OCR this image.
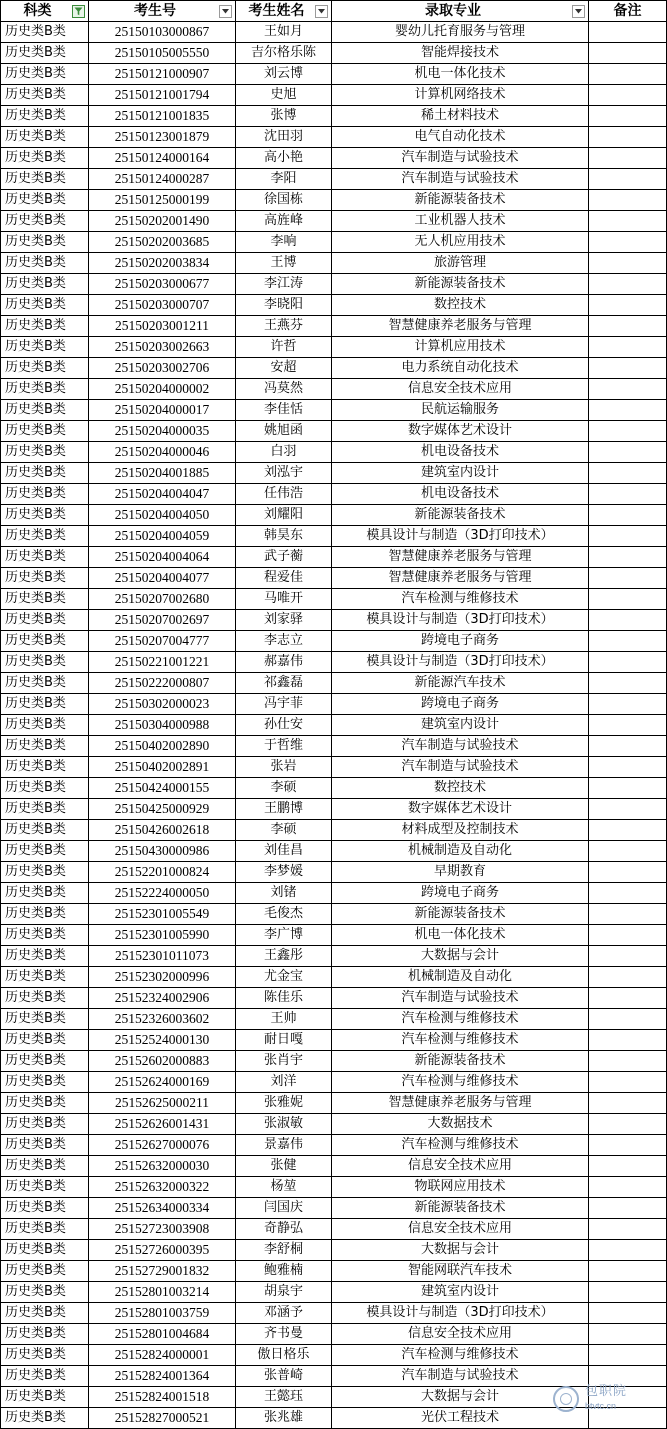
科类	考生号	考生姓名	录取专业	备注
历史类B类	25150103000867	王如月	婴幼儿托育服务与管理	
历史类B类	25150105005550	吉尔格乐陈	智能焊接技术	
历史类B类	25150121000907	刘云博	机电一体化技术	
历史类B类	25150121001794	史旭	计算机网络技术	
历史类B类	25150121001835	张博	稀土材料技术	
历史类B类	25150123001879	沈田羽	电气自动化技术	
历史类B类	25150124000164	高小艳	汽车制造与试验技术	
历史类B类	25150124000287	李阳	汽车制造与试验技术	
历史类B类	25150125000199	徐国栋	新能源装备技术	
历史类B类	25150202001490	高旌峰	工业机器人技术	
历史类B类	25150202003685	李响	无人机应用技术	
历史类B类	25150202003834	王博	旅游管理	
历史类B类	25150203000677	李江涛	新能源装备技术	
历史类B类	25150203000707	李晓阳	数控技术	
历史类B类	25150203001211	王燕芬	智慧健康养老服务与管理	
历史类B类	25150203002663	许哲	计算机应用技术	
历史类B类	25150203002706	安超	电力系统自动化技术	
历史类B类	25150204000002	冯莫然	信息安全技术应用	
历史类B类	25150204000017	李佳恬	民航运输服务	
历史类B类	25150204000035	姚旭函	数字媒体艺术设计	
历史类B类	25150204000046	白羽	机电设备技术	
历史类B类	25150204001885	刘泓宇	建筑室内设计	
历史类B类	25150204004047	任伟浩	机电设备技术	
历史类B类	25150204004050	刘耀阳	新能源装备技术	
历史类B类	25150204004059	韩昊东	模具设计与制造（3D打印技术）	
历史类B类	25150204004064	武子蘅	智慧健康养老服务与管理	
历史类B类	25150204004077	程爱佳	智慧健康养老服务与管理	
历史类B类	25150207002680	马唯开	汽车检测与维修技术	
历史类B类	25150207002697	刘家驿	模具设计与制造（3D打印技术）	
历史类B类	25150207004777	李志立	跨境电子商务	
历史类B类	25150221001221	郝嘉伟	模具设计与制造（3D打印技术）	
历史类B类	25150222000807	祁鑫磊	新能源汽车技术	
历史类B类	25150302000023	冯宇菲	跨境电子商务	
历史类B类	25150304000988	孙仕安	建筑室内设计	
历史类B类	25150402002890	于哲维	汽车制造与试验技术	
历史类B类	25150402002891	张岩	汽车制造与试验技术	
历史类B类	25150424000155	李硕	数控技术	
历史类B类	25150425000929	王鹏博	数字媒体艺术设计	
历史类B类	25150426002618	李硕	材料成型及控制技术	
历史类B类	25150430000986	刘佳昌	机械制造及自动化	
历史类B类	25152201000824	李梦媛	早期教育	
历史类B类	25152224000050	刘锗	跨境电子商务	
历史类B类	25152301005549	毛俊杰	新能源装备技术	
历史类B类	25152301005990	李广博	机电一体化技术	
历史类B类	25152301011073	王鑫彤	大数据与会计	
历史类B类	25152302000996	尤金宝	机械制造及自动化	
历史类B类	25152324002906	陈佳乐	汽车制造与试验技术	
历史类B类	25152326003602	王帅	汽车检测与维修技术	
历史类B类	25152524000130	耐日嘎	汽车检测与维修技术	
历史类B类	25152602000883	张肖宇	新能源装备技术	
历史类B类	25152624000169	刘洋	汽车检测与维修技术	
历史类B类	25152625000211	张雅妮	智慧健康养老服务与管理	
历史类B类	25152626001431	张淑敏	大数据技术	
历史类B类	25152627000076	景嘉伟	汽车检测与维修技术	
历史类B类	25152632000030	张健	信息安全技术应用	
历史类B类	25152632000322	杨堃	物联网应用技术	
历史类B类	25152634000334	闫国庆	新能源装备技术	
历史类B类	25152723003908	奇静弘	信息安全技术应用	
历史类B类	25152726000395	李舒桐	大数据与会计	
历史类B类	25152729001832	鲍雅楠	智能网联汽车技术	
历史类B类	25152801003214	胡泉宇	建筑室内设计	
历史类B类	25152801003759	邓涵予	模具设计与制造（3D打印技术）	
历史类B类	25152801004684	齐书曼	信息安全技术应用	
历史类B类	25152824000001	傲日格乐	汽车检测与维修技术	
历史类B类	25152824001364	张普崎	汽车制造与试验技术	
历史类B类	25152824001518	王懿珏	大数据与会计	
历史类B类	25152827000521	张兆雄	光伏工程技术	
包职院
btvtc.cn
